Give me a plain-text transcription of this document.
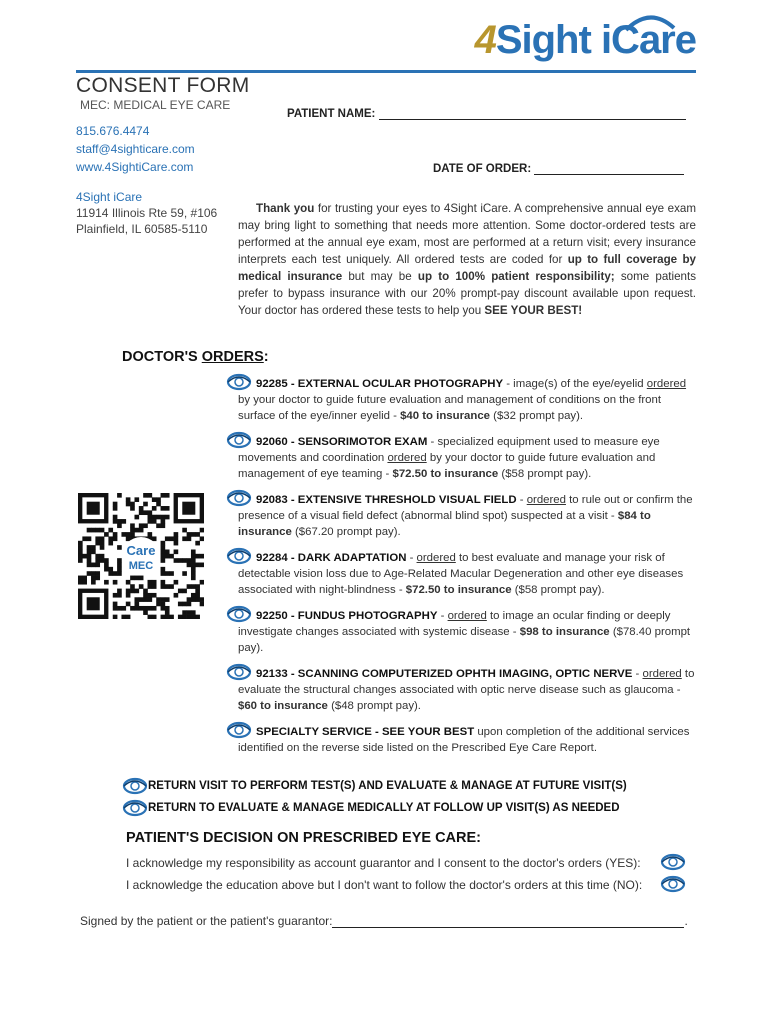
4Sight iCare
CONSENT FORM
MEC: MEDICAL EYE CARE
815.676.4474
staff@4sighticare.com
www.4SightiCare.com
4Sight iCare
11914 Illinois Rte 59, #106
Plainfield, IL 60585-5110
PATIENT NAME:
DATE OF ORDER:
Thank you for trusting your eyes to 4Sight iCare. A comprehensive annual eye exam may bring light to something that needs more attention. Some doctor-ordered tests are performed at the annual eye exam, most are performed at a return visit; every insurance interprets each test uniquely. All ordered tests are coded for up to full coverage by medical insurance but may be up to 100% patient responsibility; some patients prefer to bypass insurance with our 20% prompt-pay discount available upon request. Your doctor has ordered these tests to help you SEE YOUR BEST!
DOCTOR'S ORDERS:
Care
MEC
92285 - EXTERNAL OCULAR PHOTOGRAPHY - image(s) of the eye/eyelid ordered by your doctor to guide future evaluation and management of conditions on the front surface of the eye/inner eyelid - $40 to insurance ($32 prompt pay).
92060 - SENSORIMOTOR EXAM - specialized equipment used to measure eye movements and coordination ordered by your doctor to guide future evaluation and management of eye teaming - $72.50 to insurance ($58 prompt pay).
92083 - EXTENSIVE THRESHOLD VISUAL FIELD - ordered to rule out or confirm the presence of a visual field defect (abnormal blind spot) suspected at a visit - $84 to insurance ($67.20 prompt pay).
92284 - DARK ADAPTATION - ordered to best evaluate and manage your risk of detectable vision loss due to Age-Related Macular Degeneration and other eye diseases associated with night-blindness - $72.50 to insurance ($58 prompt pay).
92250 - FUNDUS PHOTOGRAPHY - ordered to image an ocular finding or deeply investigate changes associated with systemic disease - $98 to insurance ($78.40 prompt pay).
92133 - SCANNING COMPUTERIZED OPHTH IMAGING, OPTIC NERVE - ordered to evaluate the structural changes associated with optic nerve disease such as glaucoma - $60 to insurance ($48 prompt pay).
SPECIALTY SERVICE - SEE YOUR BEST upon completion of the additional services identified on the reverse side listed on the Prescribed Eye Care Report.
RETURN VISIT TO PERFORM TEST(S) AND EVALUATE & MANAGE AT FUTURE VISIT(S)
RETURN TO EVALUATE & MANAGE MEDICALLY AT FOLLOW UP VISIT(S) AS NEEDED
PATIENT'S DECISION ON PRESCRIBED EYE CARE:
I acknowledge my responsibility as account guarantor and I consent to the doctor's orders (YES):
I acknowledge the education above but I don't want to follow the doctor's orders at this time (NO):
Signed by the patient or the patient's guarantor:	.
